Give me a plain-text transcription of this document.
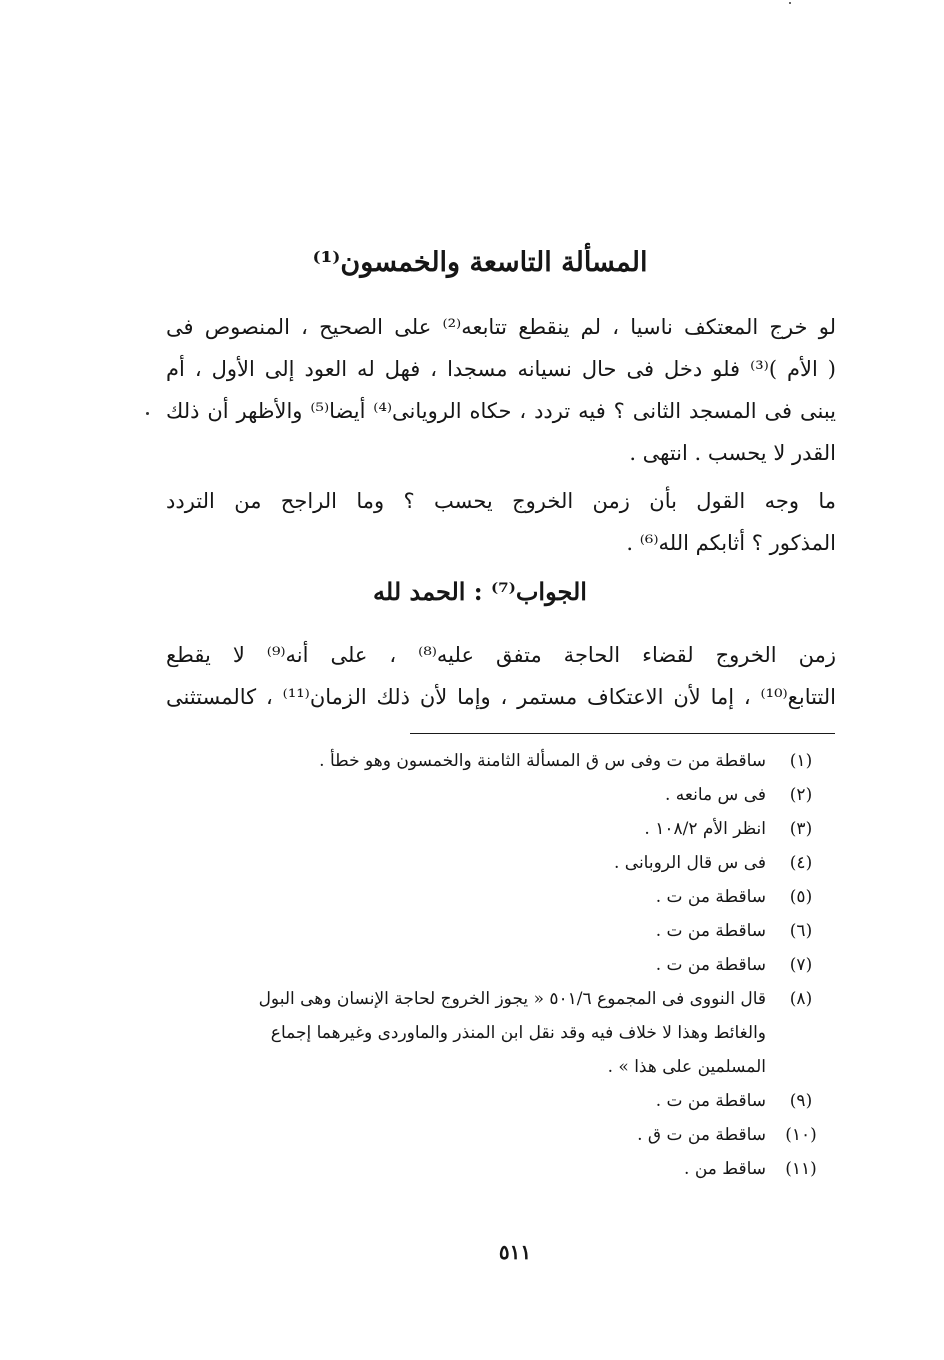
المسألة التاسعة والخمسون⁽¹⁾
لو خرج المعتكف ناسيا ، لم ينقطع تتابعه⁽²⁾ على الصحيح ، المنصوص فى
( الأم )⁽³⁾ فلو دخل فى حال نسيانه مسجدا ، فهل له العود إلى الأول ، أم
يبنى فى المسجد الثانى ؟ فيه تردد ، حكاه الرويانى⁽⁴⁾ أيضا⁽⁵⁾ والأظهر أن ذلك
القدر لا يحسب . انتهى .
ما وجه القول بأن زمن الخروج يحسب ؟ وما الراجح من التردد
المذكور ؟ أثابكم الله⁽⁶⁾ .
الجواب⁽⁷⁾ : الحمد لله
زمن الخروج لقضاء الحاجة متفق عليه⁽⁸⁾ ، على أنه⁽⁹⁾ لا يقطع
التتابع⁽¹⁰⁾ ، إما لأن الاعتكاف مستمر ، وإما لأن ذلك الزمان⁽¹¹⁾ ، كالمستثنى
(١)
ساقطة من ت وفى س ق المسألة الثامنة والخمسون وهو خطأ .
(٢)
فى س مانعه .
(٣)
انظر الأم ١٠٨/٢ .
(٤)
فى س قال الروبانى .
(٥)
ساقطة من ت .
(٦)
ساقطة من ت .
(٧)
ساقطة من ت .
(٨)
قال النووى فى المجموع ٥٠١/٦ « يجوز الخروج لحاجة الإنسان وهى البول
والغائط وهذا لا خلاف فيه وقد نقل ابن المنذر والماوردى وغيرهما إجماع
المسلمين على هذا » .
(٩)
ساقطة من ت .
(١٠)
ساقطة من ت ق .
(١١)
ساقط من .
٥١١
